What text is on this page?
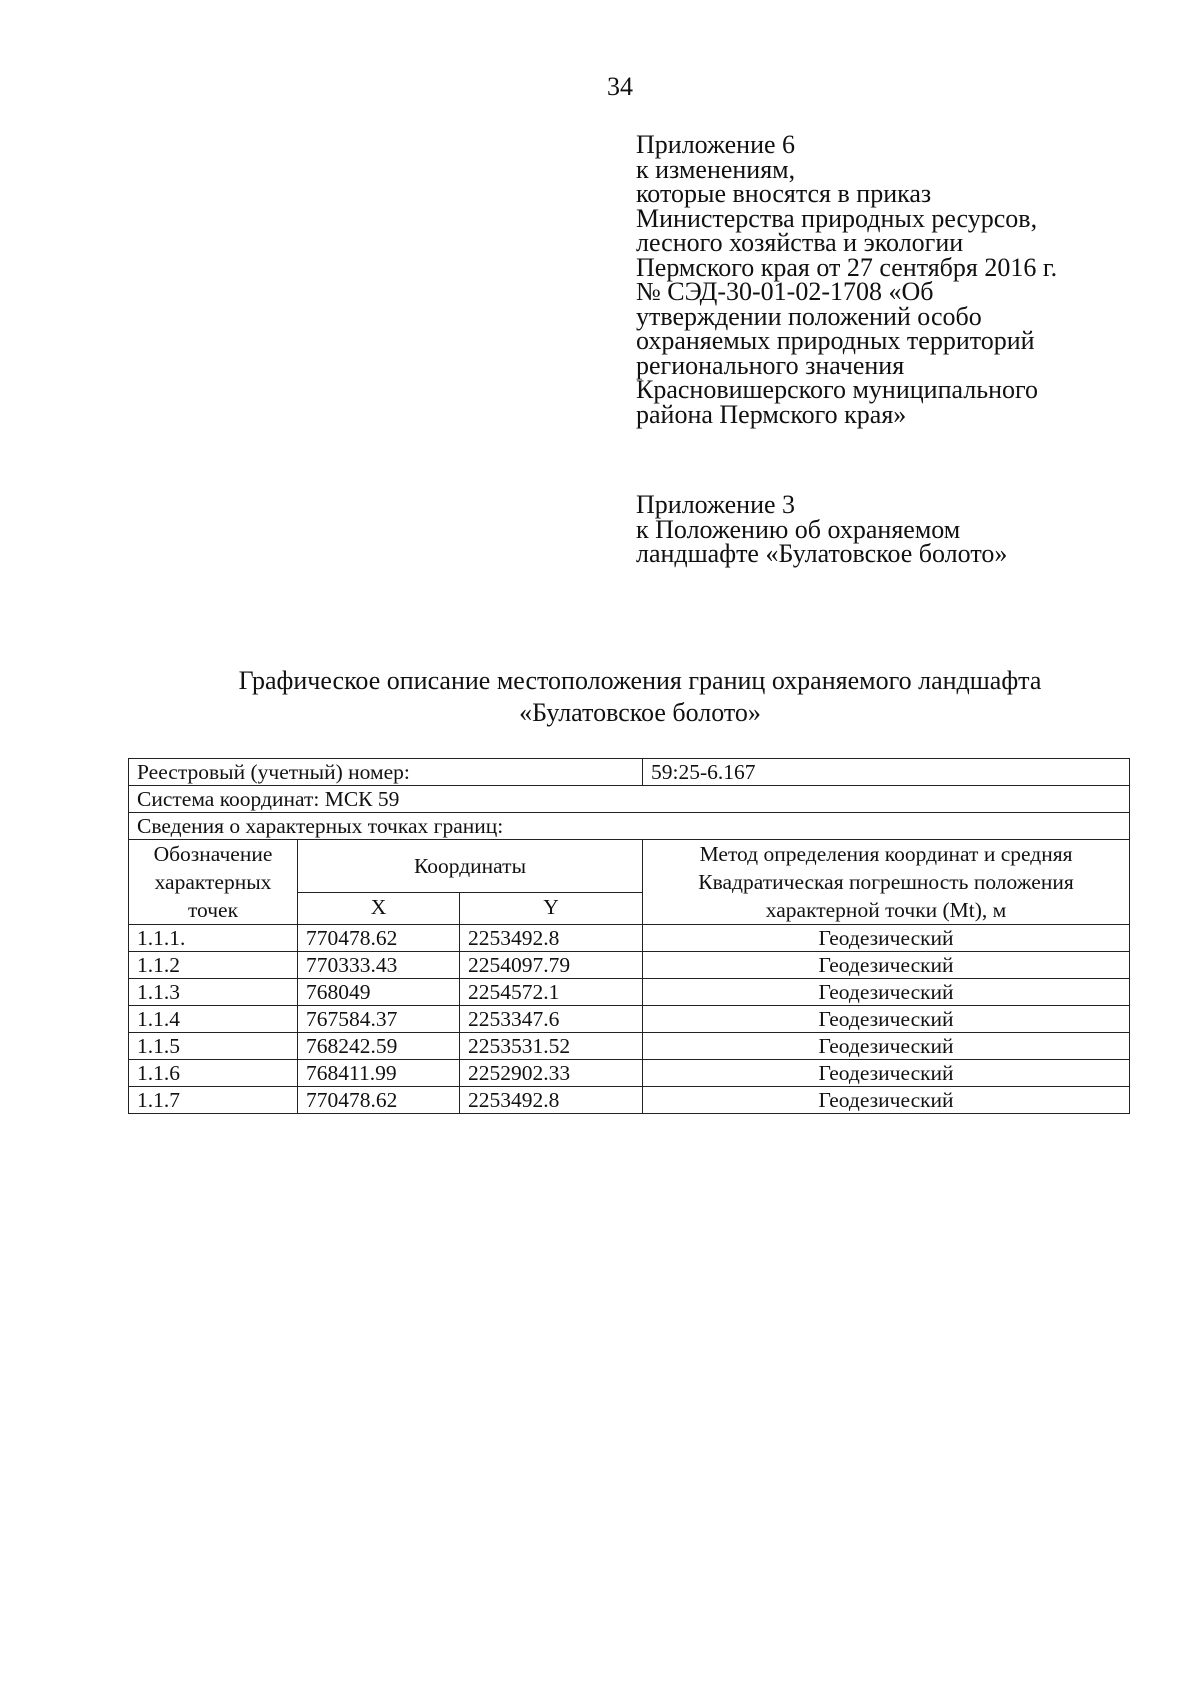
34
Приложение 6
к изменениям,
которые вносятся в приказ
Министерства природных ресурсов,
лесного хозяйства и экологии
Пермского края от 27 сентября 2016 г.
№ СЭД-30-01-02-1708 «Об
утверждении положений особо
охраняемых природных территорий
регионального значения
Красновишерского муниципального
района Пермского края»
Приложение 3
к Положению об охраняемом
ландшафте «Булатовское болото»
Графическое описание местоположения границ охраняемого ландшафта
«Булатовское болото»
Реестровый (учетный) номер:			59:25-6.167
Система координат: МСК 59			
Сведения о характерных точках границ:			
Обозначение характерных точек	Координаты		Метод определения координат и средняя
Квадратическая погрешность положения
характерной точки (Mt), м

	X	Y	
1.1.1.	770478.62	2253492.8	Геодезический
1.1.2	770333.43	2254097.79	Геодезический
1.1.3	768049	2254572.1	Геодезический
1.1.4	767584.37	2253347.6	Геодезический
1.1.5	768242.59	2253531.52	Геодезический
1.1.6	768411.99	2252902.33	Геодезический
1.1.7	770478.62	2253492.8	Геодезический
